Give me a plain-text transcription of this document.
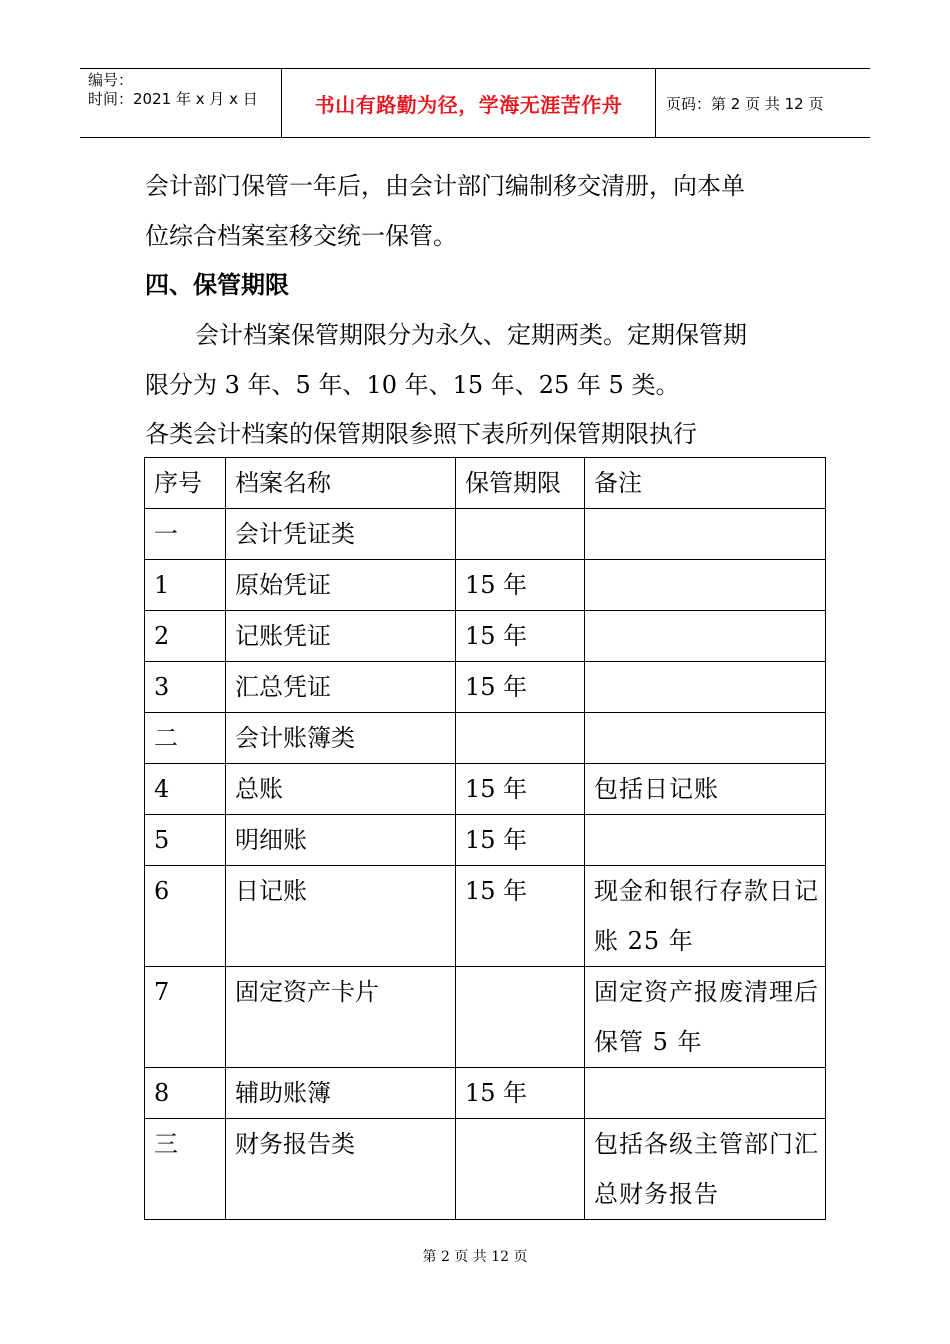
编号：
时间：2021 年 x 月 x 日	书山有路勤为径，学海无涯苦作舟	页码：第 2 页 共 12 页
会计部门保管一年后，由会计部门编制移交清册，向本单
位综合档案室移交统一保管。
四、保管期限
会计档案保管期限分为永久、定期两类。定期保管期
限分为 3 年、5 年、10 年、15 年、25 年 5 类。
各类会计档案的保管期限参照下表所列保管期限执行
序号	档案名称	保管期限	备注
一	会计凭证类		
1	原始凭证	15 年	
2	记账凭证	15 年	
3	汇总凭证	15 年	
二	会计账簿类		
4	总账	15 年	包括日记账
5	明细账	15 年	
6	日记账	15 年	现金和银行存款日记账 25 年
7	固定资产卡片		固定资产报废清理后保管 5 年
8	辅助账簿	15 年	
三	财务报告类		包括各级主管部门汇总财务报告
第 2 页 共 12 页
